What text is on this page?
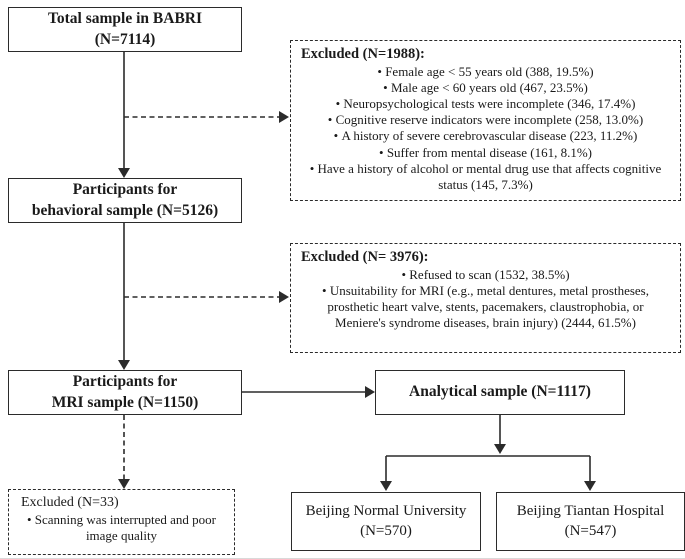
Total sample in BABRI
(N=7114)
Excluded (N=1988):
• Female age < 55 years old (388, 19.5%)
• Male age < 60 years old (467, 23.5%)
• Neuropsychological tests were incomplete (346, 17.4%)
• Cognitive reserve indicators were incomplete (258, 13.0%)
• A history of severe cerebrovascular disease (223, 11.2%)
• Suffer from mental disease (161, 8.1%)
• Have a history of alcohol or mental drug use that affects cognitive status (145, 7.3%)
Participants for
behavioral sample (N=5126)
Excluded (N= 3976):
• Refused to scan (1532, 38.5%)
• Unsuitability for MRI (e.g., metal dentures, metal prostheses, prosthetic heart valve, stents, pacemakers, claustrophobia, or Meniere's syndrome diseases, brain injury) (2444, 61.5%)
Participants for
MRI sample (N=1150)
Analytical sample (N=1117)
Excluded (N=33)
• Scanning was interrupted and poor image quality
Beijing Normal University
(N=570)
Beijing Tiantan Hospital
(N=547)
